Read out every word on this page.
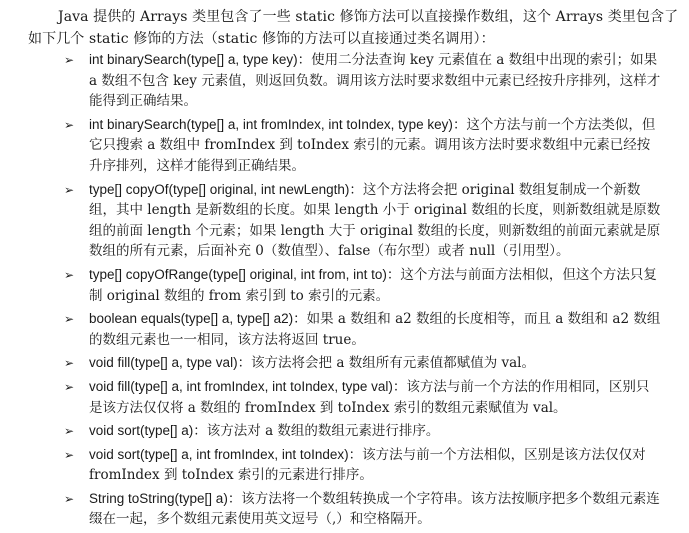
Java 提供的 Arrays 类里包含了一些 static 修饰方法可以直接操作数组，这个 Arrays 类里包含了如下几个 static 修饰的方法（static 修饰的方法可以直接通过类名调用）：

➢ int binarySearch(type[] a, type key)：使用二分法查询 key 元素值在 a 数组中出现的索引；如果 a 数组不包含 key 元素值，则返回负数。调用该方法时要求数组中元素已经按升序排列，这样才能得到正确结果。
➢ int binarySearch(type[] a, int fromIndex, int toIndex, type key)：这个方法与前一个方法类似，但它只搜索 a 数组中 fromIndex 到 toIndex 索引的元素。调用该方法时要求数组中元素已经按升序排列，这样才能得到正确结果。
➢ type[] copyOf(type[] original, int newLength)：这个方法将会把 original 数组复制成一个新数组，其中 length 是新数组的长度。如果 length 小于 original 数组的长度，则新数组就是原数组的前面 length 个元素；如果 length 大于 original 数组的长度，则新数组的前面元素就是原数组的所有元素，后面补充 0（数值型）、false（布尔型）或者 null（引用型）。
➢ type[] copyOfRange(type[] original, int from, int to)：这个方法与前面方法相似，但这个方法只复制 original 数组的 from 索引到 to 索引的元素。
➢ boolean equals(type[] a, type[] a2)：如果 a 数组和 a2 数组的长度相等，而且 a 数组和 a2 数组的数组元素也一一相同，该方法将返回 true。
➢ void fill(type[] a, type val)：该方法将会把 a 数组所有元素值都赋值为 val。
➢ void fill(type[] a, int fromIndex, int toIndex, type val)：该方法与前一个方法的作用相同，区别只是该方法仅仅将 a 数组的 fromIndex 到 toIndex 索引的数组元素赋值为 val。
➢ void sort(type[] a)：该方法对 a 数组的数组元素进行排序。
➢ void sort(type[] a, int fromIndex, int toIndex)：该方法与前一个方法相似，区别是该方法仅仅对 fromIndex 到 toIndex 索引的元素进行排序。
➢ String toString(type[] a)：该方法将一个数组转换成一个字符串。该方法按顺序把多个数组元素连缀在一起，多个数组元素使用英文逗号（,）和空格隔开。
